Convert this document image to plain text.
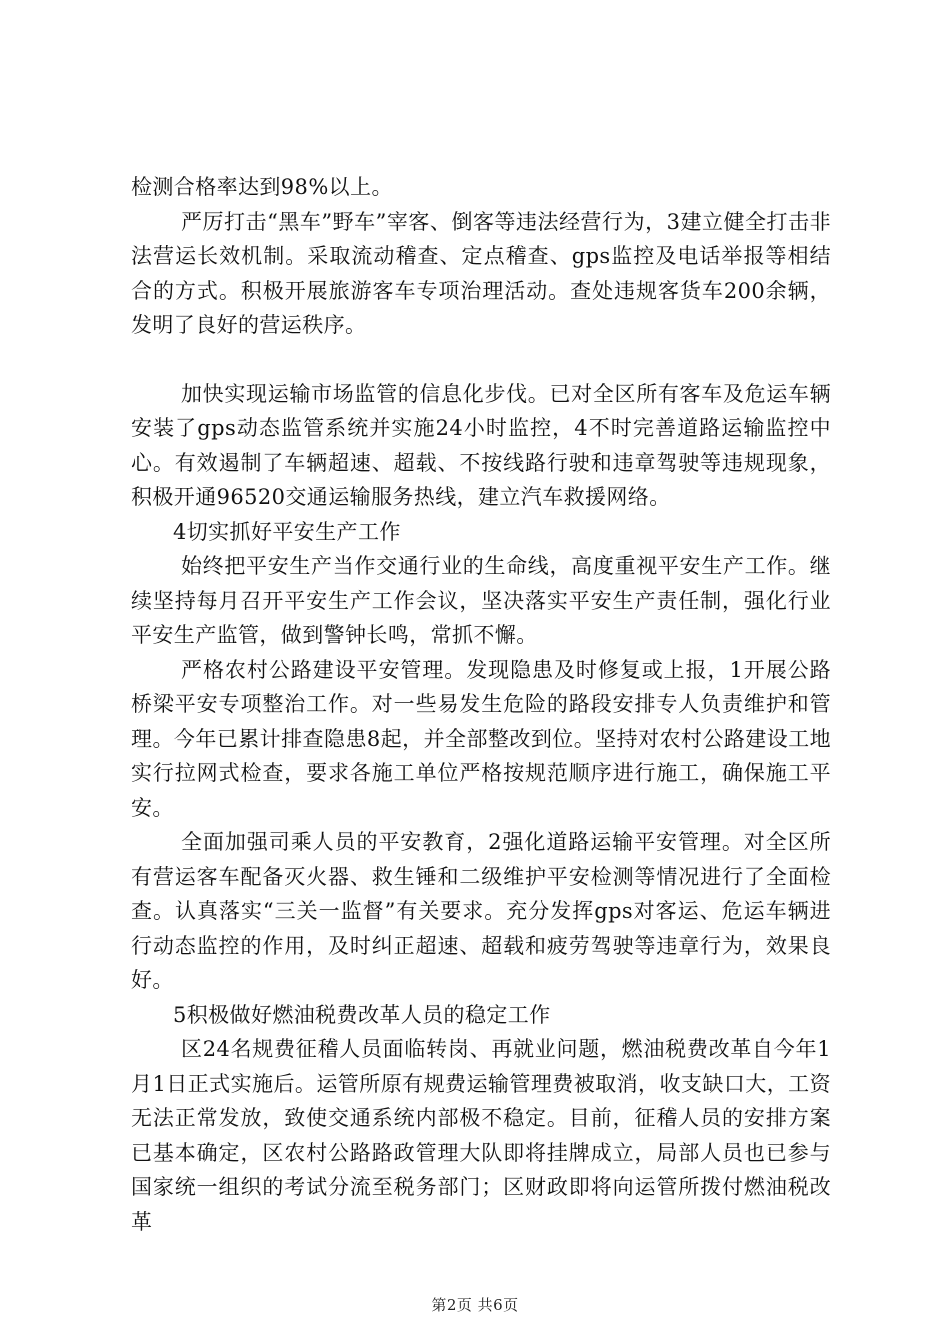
检测合格率达到98%以上。

严厉打击“黑车”野车”宰客、倒客等违法经营行为，3建立健全打击非法营运长效机制。采取流动稽查、定点稽查、gps监控及电话举报等相结合的方式。积极开展旅游客车专项治理活动。查处违规客货车200余辆，发明了良好的营运秩序。

加快实现运输市场监管的信息化步伐。已对全区所有客车及危运车辆安装了gps动态监管系统并实施24小时监控，4不时完善道路运输监控中心。有效遏制了车辆超速、超载、不按线路行驶和违章驾驶等违规现象，积极开通96520交通运输服务热线，建立汽车救援网络。

4切实抓好平安生产工作

始终把平安生产当作交通行业的生命线，高度重视平安生产工作。继续坚持每月召开平安生产工作会议，坚决落实平安生产责任制，强化行业平安生产监管，做到警钟长鸣，常抓不懈。

严格农村公路建设平安管理。发现隐患及时修复或上报，1开展公路桥梁平安专项整治工作。对一些易发生危险的路段安排专人负责维护和管理。今年已累计排查隐患8起，并全部整改到位。坚持对农村公路建设工地实行拉网式检查，要求各施工单位严格按规范顺序进行施工，确保施工平安。

全面加强司乘人员的平安教育，2强化道路运输平安管理。对全区所有营运客车配备灭火器、救生锤和二级维护平安检测等情况进行了全面检查。认真落实“三关一监督”有关要求。充分发挥gps对客运、危运车辆进行动态监控的作用，及时纠正超速、超载和疲劳驾驶等违章行为，效果良好。

5积极做好燃油税费改革人员的稳定工作

区24名规费征稽人员面临转岗、再就业问题，燃油税费改革自今年1月1日正式实施后。运管所原有规费运输管理费被取消，收支缺口大，工资无法正常发放，致使交通系统内部极不稳定。目前，征稽人员的安排方案已基本确定，区农村公路路政管理大队即将挂牌成立，局部人员也已参与国家统一组织的考试分流至税务部门；区财政即将向运管所拨付燃油税改革

第2页 共6页
